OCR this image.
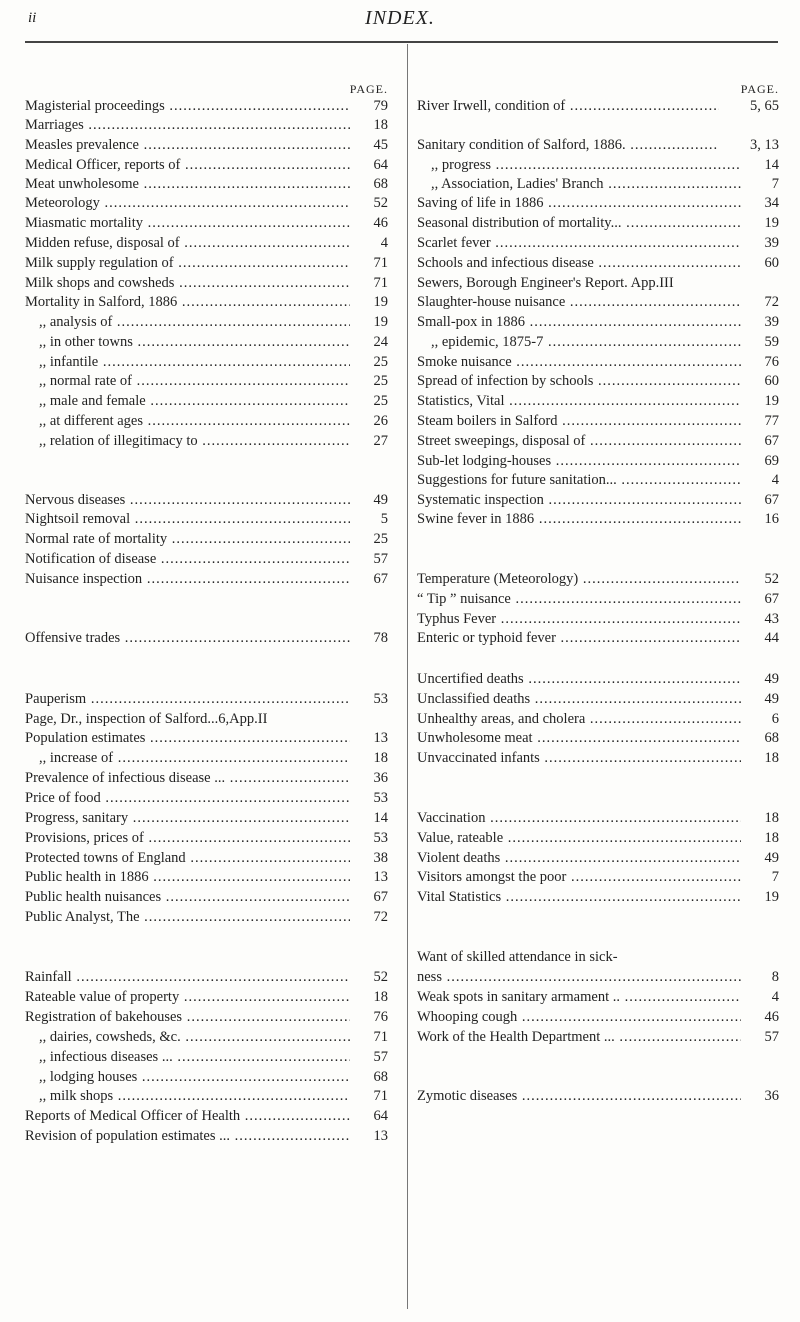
ii	INDEX.
PAGE.
Magisterial proceedings .....	79
Marriages .....	18
Measles prevalence .....	45
Medical Officer, reports of .....	64
Meat unwholesome .....	68
Meteorology .....	52
Miasmatic mortality .....	46
Midden refuse, disposal of .....	4
Milk supply regulation of .....	71
Milk shops and cowsheds .....	71
Mortality in Salford, 1886 .....	19
,, analysis of .....	19
,, in other towns .....	24
,, infantile .....	25
,, normal rate of .....	25
,, male and female .....	25
,, at different ages .....	26
,, relation of illegitimacy to .....	27
Nervous diseases .....	49
Nightsoil removal .....	5
Normal rate of mortality .....	25
Notification of disease .....	57
Nuisance inspection .....	67
Offensive trades .....	78
Pauperism .....	53
Page, Dr., inspection of Salford...6,App.II
Population estimates .....	13
,, increase of .....	18
Prevalence of infectious disease ... .....	36
Price of food .....	53
Progress, sanitary .....	14
Provisions, prices of .....	53
Protected towns of England .....	38
Public health in 1886 .....	13
Public health nuisances .....	67
Public Analyst, The .....	72
Rainfall .....	52
Rateable value of property .....	18
Registration of bakehouses .....	76
,, dairies, cowsheds, &c. .....	71
,, infectious diseases ... .....	57
,, lodging houses .....	68
,, milk shops .....	71
Reports of Medical Officer of Health .....	64
Revision of population estimates ... .....	13
PAGE.
River Irwell, condition of .....	5, 65
Sanitary condition of Salford, 1886. .....	3, 13
,, progress .....	14
,, Association, Ladies' Branch .....	7
Saving of life in 1886 .....	34
Seasonal distribution of mortality... .....	19
Scarlet fever .....	39
Schools and infectious disease .....	60
Sewers, Borough Engineer's Report. App.III
Slaughter-house nuisance .....	72
Small-pox in 1886 .....	39
,, epidemic, 1875-7 .....	59
Smoke nuisance .....	76
Spread of infection by schools .....	60
Statistics, Vital .....	19
Steam boilers in Salford .....	77
Street sweepings, disposal of .....	67
Sub-let lodging-houses .....	69
Suggestions for future sanitation... .....	4
Systematic inspection .....	67
Swine fever in 1886 .....	16
Temperature (Meteorology) .....	52
“ Tip ” nuisance .....	67
Typhus Fever .....	43
Enteric or typhoid fever .....	44
Uncertified deaths .....	49
Unclassified deaths .....	49
Unhealthy areas, and cholera .....	6
Unwholesome meat .....	68
Unvaccinated infants .....	18
Vaccination .....	18
Value, rateable .....	18
Violent deaths .....	49
Visitors amongst the poor .....	7
Vital Statistics .....	19
Want of skilled attendance in sick-
ness .....	8
Weak spots in sanitary armament .. .....	4
Whooping cough .....	46
Work of the Health Department ... .....	57
Zymotic diseases .....	36
